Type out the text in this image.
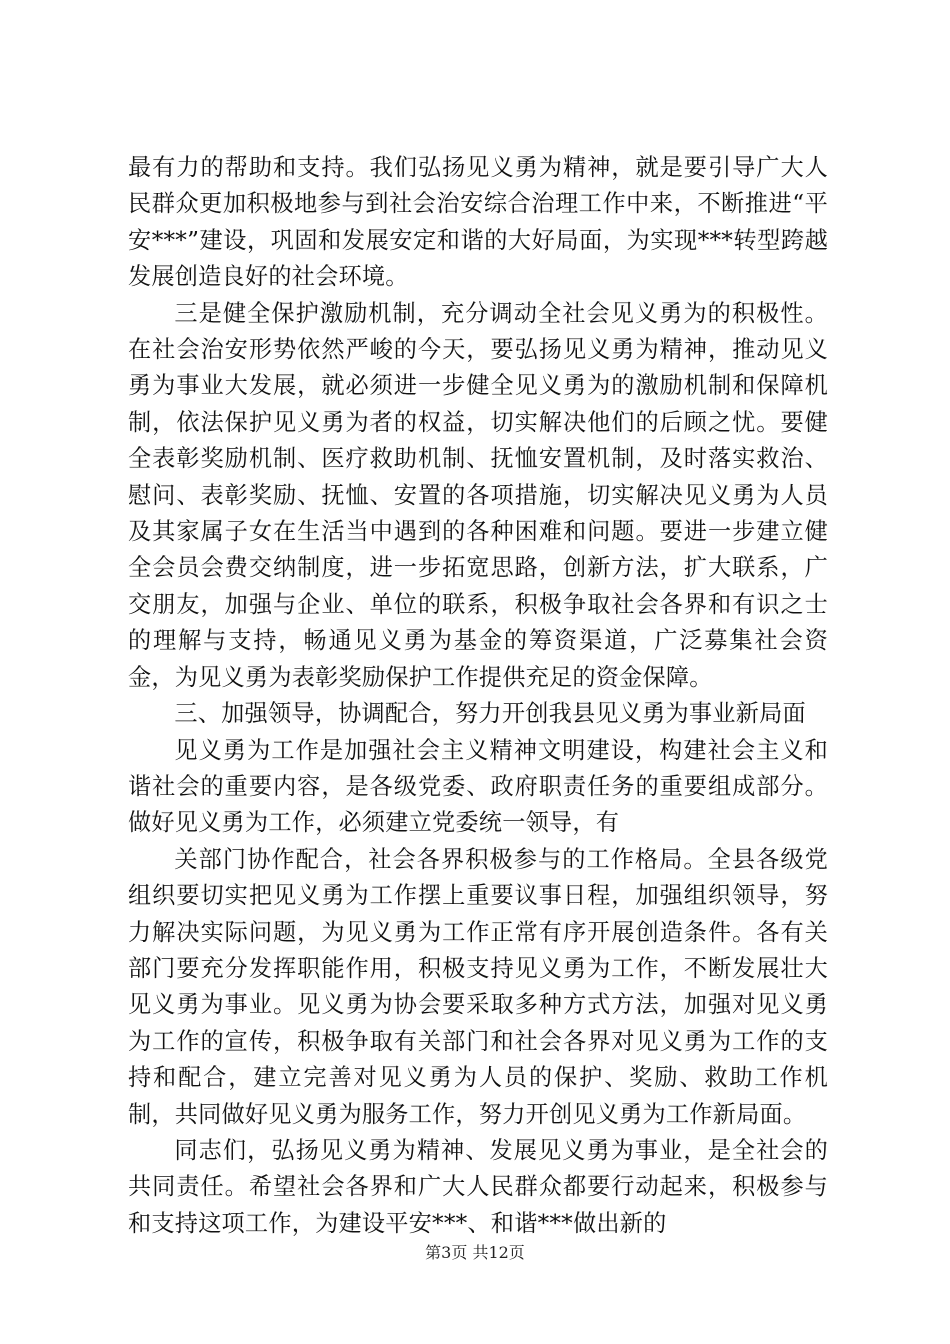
最有力的帮助和支持。我们弘扬见义勇为精神，就是要引导广大人民群众更加积极地参与到社会治安综合治理工作中来，不断推进“平安***”建设，巩固和发展安定和谐的大好局面，为实现***转型跨越发展创造良好的社会环境。

三是健全保护激励机制，充分调动全社会见义勇为的积极性。在社会治安形势依然严峻的今天，要弘扬见义勇为精神，推动见义勇为事业大发展，就必须进一步健全见义勇为的激励机制和保障机制，依法保护见义勇为者的权益，切实解决他们的后顾之忧。要健全表彰奖励机制、医疗救助机制、抚恤安置机制，及时落实救治、慰问、表彰奖励、抚恤、安置的各项措施，切实解决见义勇为人员及其家属子女在生活当中遇到的各种困难和问题。要进一步建立健全会员会费交纳制度，进一步拓宽思路，创新方法，扩大联系，广交朋友，加强与企业、单位的联系，积极争取社会各界和有识之士的理解与支持，畅通见义勇为基金的筹资渠道，广泛募集社会资金，为见义勇为表彰奖励保护工作提供充足的资金保障。

三、加强领导，协调配合，努力开创我县见义勇为事业新局面

见义勇为工作是加强社会主义精神文明建设，构建社会主义和谐社会的重要内容，是各级党委、政府职责任务的重要组成部分。做好见义勇为工作，必须建立党委统一领导，有

关部门协作配合，社会各界积极参与的工作格局。全县各级党组织要切实把见义勇为工作摆上重要议事日程，加强组织领导，努力解决实际问题，为见义勇为工作正常有序开展创造条件。各有关部门要充分发挥职能作用，积极支持见义勇为工作，不断发展壮大见义勇为事业。见义勇为协会要采取多种方式方法，加强对见义勇为工作的宣传，积极争取有关部门和社会各界对见义勇为工作的支持和配合，建立完善对见义勇为人员的保护、奖励、救助工作机制，共同做好见义勇为服务工作，努力开创见义勇为工作新局面。

同志们，弘扬见义勇为精神、发展见义勇为事业，是全社会的共同责任。希望社会各界和广大人民群众都要行动起来，积极参与和支持这项工作，为建设平安***、和谐***做出新的

第3页 共12页
